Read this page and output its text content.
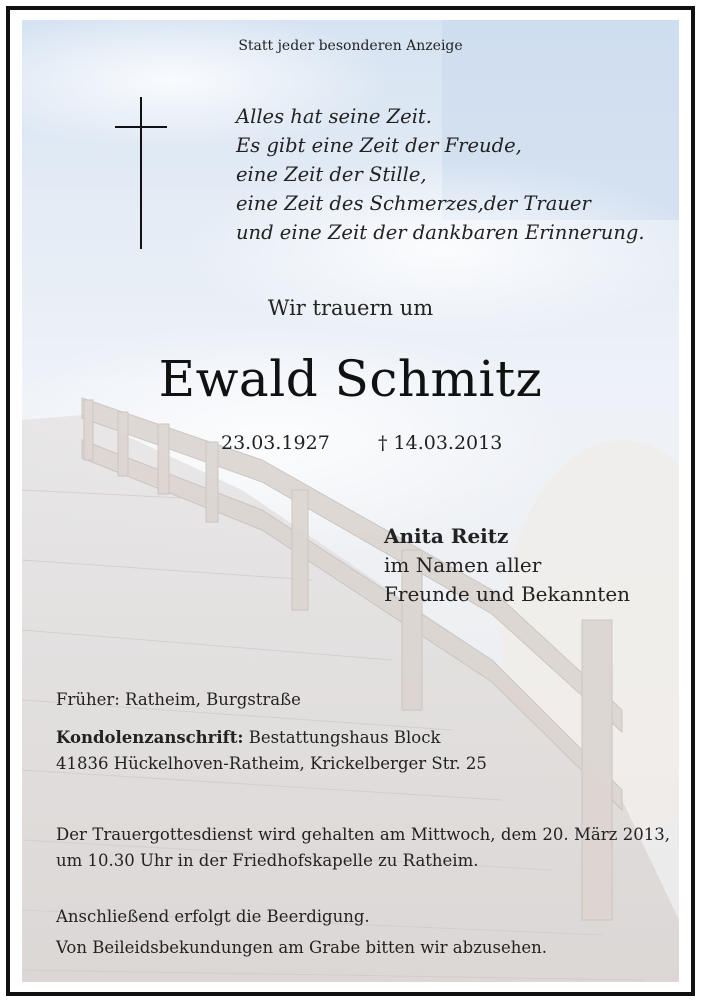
Statt jeder besonderen Anzeige
Alles hat seine Zeit.
Es gibt eine Zeit der Freude,
eine Zeit der Stille,
eine Zeit des Schmerzes,der Trauer
und eine Zeit der dankbaren Erinnerung.
Wir trauern um
Ewald Schmitz
23.03.1927	† 14.03.2013
Anita Reitz
im Namen aller
Freunde und Bekannten
Früher: Ratheim, Burgstraße
Kondolenzanschrift: Bestattungshaus Block
41836 Hückelhoven-Ratheim, Krickelberger Str. 25
Der Trauergottesdienst wird gehalten am Mittwoch, dem 20. März 2013, um 10.30 Uhr in der Friedhofskapelle zu Ratheim.
Anschließend erfolgt die Beerdigung.
Von Beileidsbekundungen am Grabe bitten wir abzusehen.
